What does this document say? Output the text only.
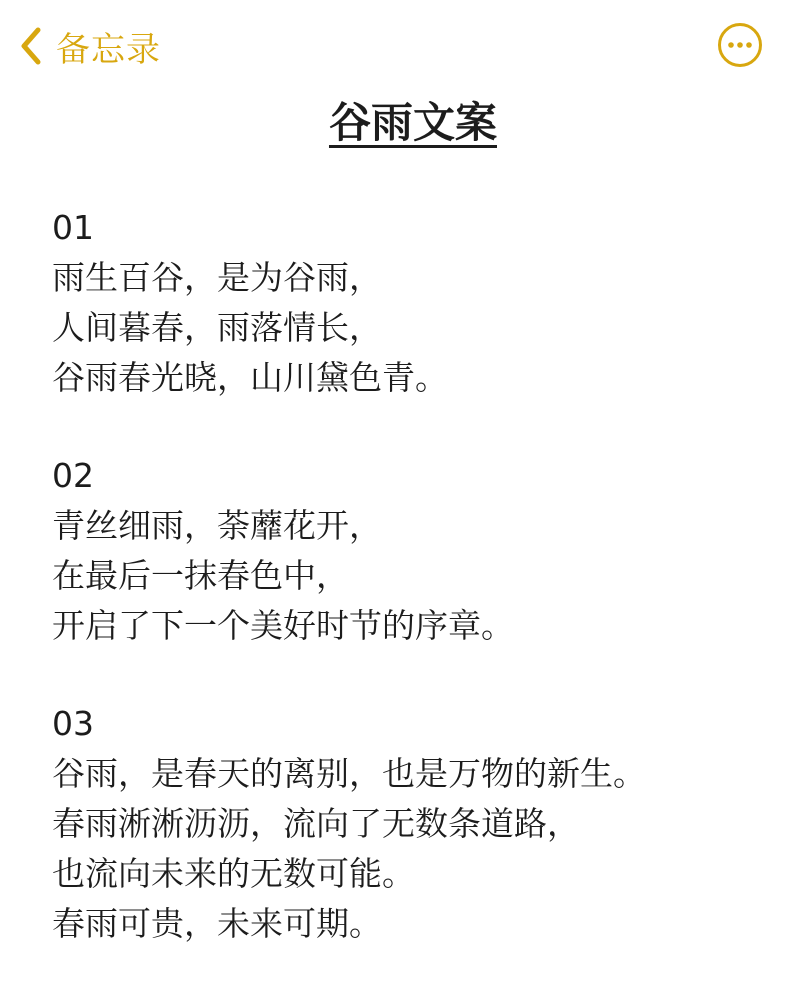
备忘录
谷雨文案
01
雨生百谷，是为谷雨，
人间暮春，雨落情长，
谷雨春光晓，山川黛色青。
02
青丝细雨，荼蘼花开，
在最后一抹春色中，
开启了下一个美好时节的序章。
03
谷雨，是春天的离别，也是万物的新生。
春雨淅淅沥沥，流向了无数条道路，
也流向未来的无数可能。
春雨可贵，未来可期。
